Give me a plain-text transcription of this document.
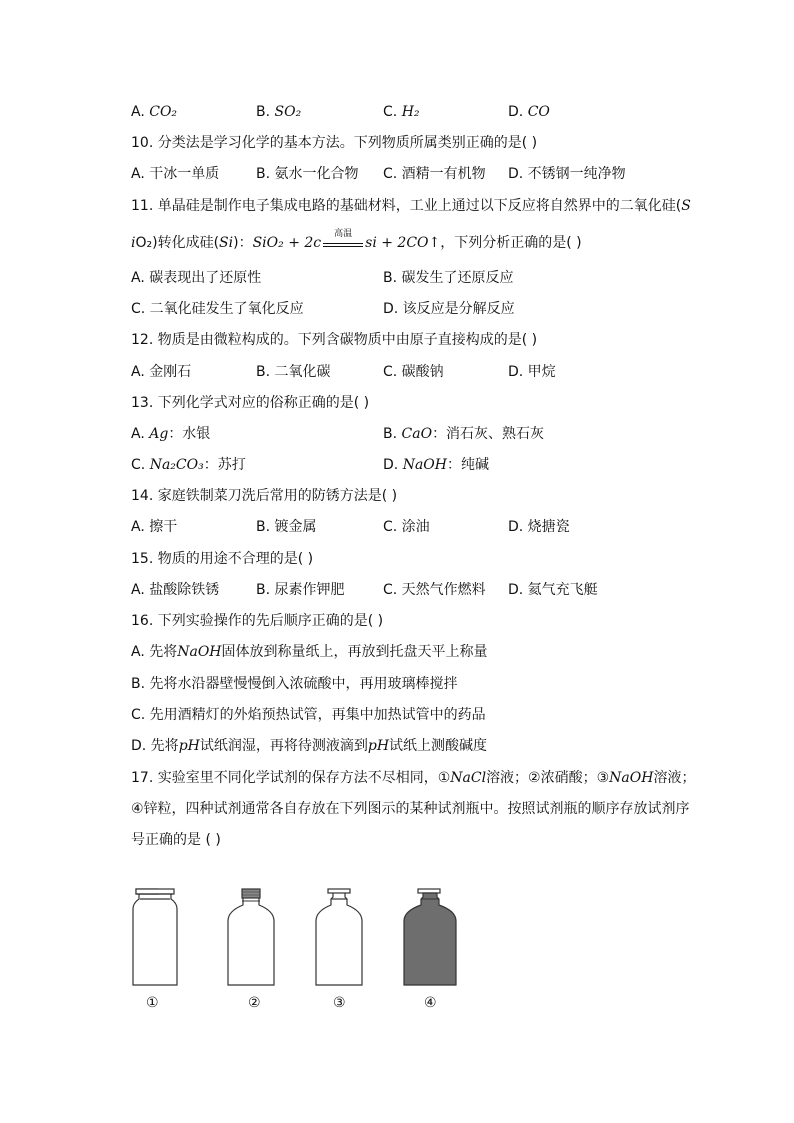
A. CO₂	B. SO₂	C. H₂	D. CO
10. 分类法是学习化学的基本方法。下列物质所属类别正确的是( )
A. 干冰一单质	B. 氨水一化合物 C. 酒精一有机物 D. 不锈钢一纯净物
11. 单晶硅是制作电子集成电路的基础材料，工业上通过以下反应将自然界中的二氧化硅(S
iO₂)转化成硅(Si)：SiO₂ + 2c
高温
si + 2CO↑，下列分析正确的是( )
A. 碳表现出了还原性	B. 碳发生了还原反应
C. 二氧化硅发生了氧化反应	D. 该反应是分解反应
12. 物质是由微粒构成的。下列含碳物质中由原子直接构成的是( )
A. 金刚石	B. 二氧化碳	C. 碳酸钠	D. 甲烷
13. 下列化学式对应的俗称正确的是( )
A. Ag：水银	B. CaO：消石灰、熟石灰
C. Na₂CO₃：苏打	D. NaOH：纯碱
14. 家庭铁制菜刀洗后常用的防锈方法是( )
A. 擦干	B. 镀金属	C. 涂油	D. 烧搪瓷
15. 物质的用途不合理的是( )
A. 盐酸除铁锈	B. 尿素作钾肥	C. 天然气作燃料 D. 氦气充飞艇
16. 下列实验操作的先后顺序正确的是( )
A. 先将NaOH固体放到称量纸上，再放到托盘天平上称量
B. 先将水沿器壁慢慢倒入浓硫酸中，再用玻璃棒搅拌
C. 先用酒精灯的外焰预热试管，再集中加热试管中的药品
D. 先将pH试纸润湿，再将待测液滴到pH试纸上测酸碱度
17. 实验室里不同化学试剂的保存方法不尽相同，①NaCl溶液；②浓硝酸；③NaOH溶液；
④锌粒，四种试剂通常各自存放在下列图示的某种试剂瓶中。按照试剂瓶的顺序存放试剂序
号正确的是 ( )
①	②	③	④
